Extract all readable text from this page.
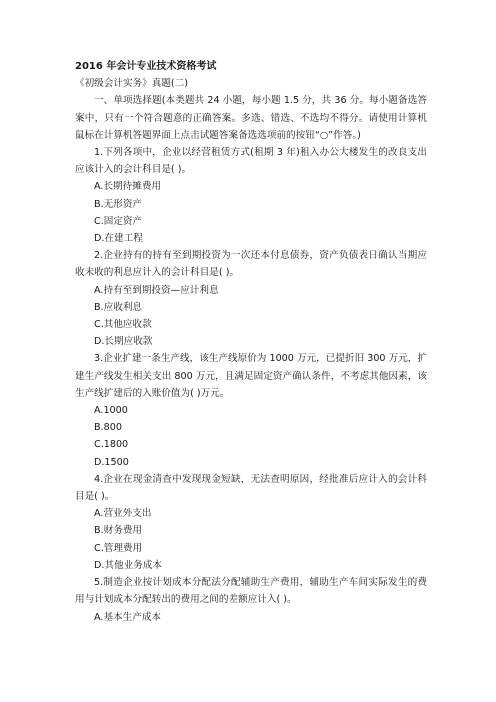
2016 年会计专业技术资格考试
《初级会计实务》真题(二)
一、单项选择题(本类题共 24 小题，每小题 1.5 分，共 36 分。每小题备选答案中，只有一个符合题意的正确答案。多选、错选、不选均不得分。请使用计算机鼠标在计算机答题界面上点击试题答案备选选项前的按钮“○”作答。)
1.下列各项中，企业以经营租赁方式(租期 3 年)租入办公大楼发生的改良支出应该计入的会计科目是( )。
A.长期待摊费用
B.无形资产
C.固定资产
D.在建工程
2.企业持有的持有至到期投资为一次还本付息债券，资产负债表日确认当期应收未收的利息应计入的会计科目是( )。
A.持有至到期投资—应计利息
B.应收利息
C.其他应收款
D.长期应收款
3.企业扩建一条生产线，该生产线原价为 1000 万元，已提折旧 300 万元，扩建生产线发生相关支出 800 万元，且满足固定资产确认条件，不考虑其他因素，该生产线扩建后的入账价值为( )万元。
A.1000
B.800
C.1800
D.1500
4.企业在现金清查中发现现金短缺，无法查明原因，经批准后应计入的会计科目是( )。
A.营业外支出
B.财务费用
C.管理费用
D.其他业务成本
5.制造企业按计划成本分配法分配辅助生产费用，辅助生产车间实际发生的费用与计划成本分配转出的费用之间的差额应计入( )。
A.基本生产成本
